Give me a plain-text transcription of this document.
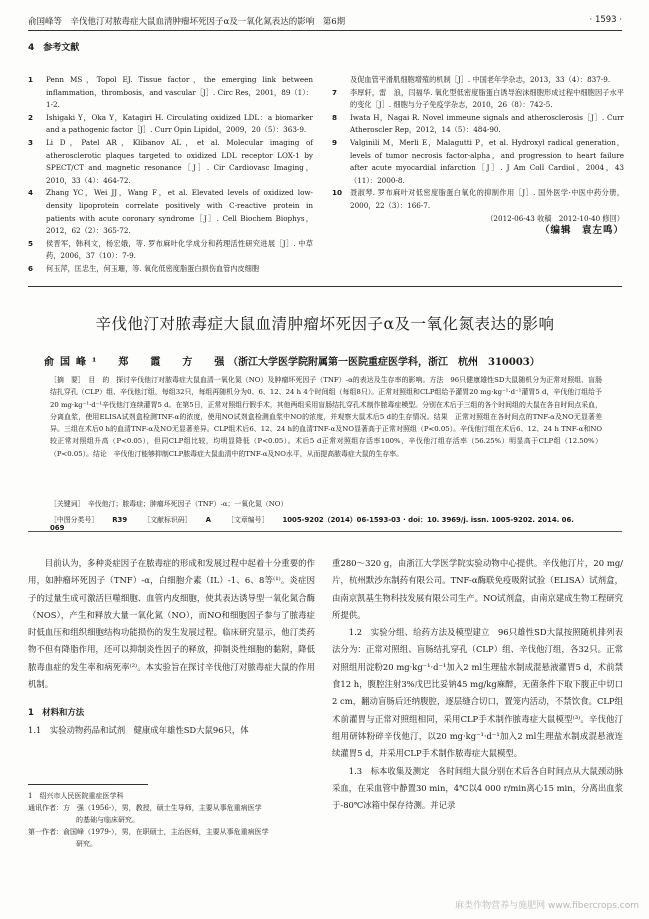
俞国峰等　辛伐他汀对脓毒症大鼠血清肿瘤坏死因子α及一氧化氮表达的影响　第6期	· 1593 ·
4　参考文献
1	Penn MS，Topol EJ. Tissue factor，the emerging link between inflammation，thrombosis，and vascular［J］. Circ Res，2001，89（1）：1-2.
2	Ishigaki Y，Oka Y，Katagiri H. Circulating oxidized LDL：a biomarker and a pathogenic factor［J］. Curr Opin Lipidol，2009，20（5）：363-9.
3	Li D，Patel AR，Klibanov AL，et al. Molecular imaging of atherosclerotic plaques targeted to oxidized LDL receptor LOX-1 by SPECT/CT and magnetic resonance［J］. Cir Cardiovasc Imaging，2010，33（4）：464-72.
4	Zhang YC，Wei JJ，Wang F，et al. Elevated levels of oxidized low-density lipoprotein correlate positively with C-reactive protein in patients with acute coronary syndrome［J］. Cell Biochem Biophys，2012，62（2）：365-72.
5	侯晋军，韩利文，杨宏娥，等. 罗布麻叶化学成分和药理活性研究进展［J］. 中草药，2006，37（10）：7-9.
6	何玉萍，匡忠生，何玉珊，等. 氧化低密度脂蛋白损伤血管内皮细胞
及促血管平滑肌细胞增殖的机制［J］. 中国老年学杂志，2013，33（4）：837-9.
7	李厚轩，雷　浪，闫福华. 氧化型低密度脂蛋白诱导泡沫细胞形成过程中细胞因子水平的变化［J］. 细胞与分子免疫学杂志，2010，26（8）：742-5.
8	Iwata H，Nagai R. Novel immeune signals and atherosclerosis［J］. Curr Atheroscler Rep，2012，14（5）：484-90.
9	Valginili M，Merli E，Malagutti P，et al. Hydroxyl radical generation，levels of tumor necrosis factor-alpha，and progression to heart failure after acute myocardial infarction［J］. J Am Coll Cardiol，2004，43（11）：2000-8.
10	聂淑琴. 罗布麻叶对低密度脂蛋白氧化的抑制作用［J］. 国外医学·中医中药分册，2000，22（3）：166-7.
（2012-06-43 收稿　2012-10-40 修回）
（编辑　袁左鸣）
辛伐他汀对脓毒症大鼠血清肿瘤坏死因子α及一氧化氮表达的影响
俞国峰¹　郑　霞　方　强
（浙江大学医学院附属第一医院重症医学科，浙江　杭州　310003）
［摘　要］　目　的　探讨辛伐他汀对脓毒症大鼠血清一氧化氮（NO）及肿瘤坏死因子（TNF）-α的表达及生存率的影响。方法　96只健康雄性SD大鼠随机分为正常对照组、盲肠结扎穿孔（CLP）组、辛伐他汀组，每组32只，每组再随机分为0、6、12、24 h 4个时间组（每组8只）。正常对照组和CLP组给予灌胃20 mg·kg⁻¹·d⁻¹灌胃5 d，辛伐他汀组给予20 mg·kg⁻¹·d⁻¹辛伐他汀连续灌胃5 d。在第5日，正常对照组行假手术，其他两组采用盲肠结扎穿孔术制作脓毒症模型。分别在术后于三组的各个时间组的大鼠在各自时间点采血，分离血浆，使用ELISA试剂盒检测TNF-α的浓度，使用NO试剂盒检测血浆中NO的浓度，并观察大鼠术后5 d的生存情况。结果　正常对照组在各时间点的TNF-α及NO无显著差异。三组在术后0 h的血清TNF-α及NO无显著差异。CLP组术后6、12、24 h的血清TNF-α及NO显著高于正常对照组（P<0.05）。辛伐他汀组在术后6、12、24 h TNF-α和NO较正常对照组升高（P<0.05），但同CLP组比较，均明显降低（P<0.05）。术后5 d正常对照组存活率100%，辛伐他汀组存活率（56.25%）明显高于CLP组（12.50%）（P<0.05）。结论　辛伐他汀能够抑制CLP脓毒症大鼠血清中的TNF-α及NO水平，从而提高脓毒症大鼠的生存率。
［关键词］　辛伐他汀；脓毒症；肿瘤坏死因子（TNF）-α；一氧化氮（NO）
［中图分类号］ R39 ［文献标识码］ A ［文章编号］ 1005-9202（2014）06-1593-03 · doi：10. 3969/j. issn. 1005-9202. 2014. 06. 069
目前认为，多种炎症因子在脓毒症的形成和发展过程中起着十分重要的作用，如肿瘤坏死因子（TNF）-α，白细胞介素（IL）-1、6、8等⁽¹⁾。炎症因子的过量生成可激活巨噬细胞、血管内皮细胞，使其表达诱导型一氧化氮合酶（NOS），产生和释放大量一氧化氮（NO），而NO和细胞因子参与了脓毒症时低血压和组织细胞结构功能损伤的发生发展过程。临床研究显示，他汀类药物不但有降脂作用，还可以抑制炎性因子的释放，抑制炎性细胞的黏附，降低脓毒血症的发生率和病死率⁽²⁾。本实验旨在探讨辛伐他汀对脓毒症大鼠的作用机制。
1　材料和方法
1.1　实验动物药品和试剂　健康成年雄性SD大鼠96只，体
1　绍兴市人民医院重症医学科
通讯作者：方　强（1956-），男，教授，硕士生导师，主要从事危重病医学
的基础与临床研究。
第一作者：俞国峰（1979-），男，在职硕士，主治医师，主要从事危重病医学
研究。
重280～320 g，由浙江大学医学院实验动物中心提供。辛伐他汀片，20 mg/片，杭州默沙东制药有限公司。TNF-α酶联免疫吸附试验（ELISA）试剂盒，由南京凯基生物科技发展有限公司生产。NO试剂盒，由南京建成生物工程研究所提供。
1.2　实验分组、给药方法及模型建立　96只雄性SD大鼠按照随机排列表法分为：正常对照组、盲肠结扎穿孔（CLP）组、辛伐他汀组，各32只。正常对照组用淀粉20 mg·kg⁻¹·d⁻¹加入2 ml生理盐水制成混悬液灌胃5 d，术前禁食12 h，腹腔注射3%戊巴比妥钠45 mg/kg麻醉，无菌条件下取下腹正中切口2 cm，翻动盲肠后还纳腹腔，逐层缝合切口，置笼内活动，不禁饮食。CLP组术前灌胃与正常对照组相同，采用CLP手术制作脓毒症大鼠模型⁽³⁾。辛伐他汀组用研钵粉碎辛伐他汀，以20 mg·kg⁻¹·d⁻¹加入2 ml生理盐水制成混悬液连续灌胃5 d，并采用CLP手术制作脓毒症大鼠模型。
1.3　标本收集及测定　各时间组大鼠分别在术后各自时间点从大鼠颈动脉采血，在采血管中静置30 min，4℃以4 000 r/min离心15 min，分离出血浆于-80℃冰箱中保存待测。并记录
麻类作物营养与施肥网 www.fibercrops.com
